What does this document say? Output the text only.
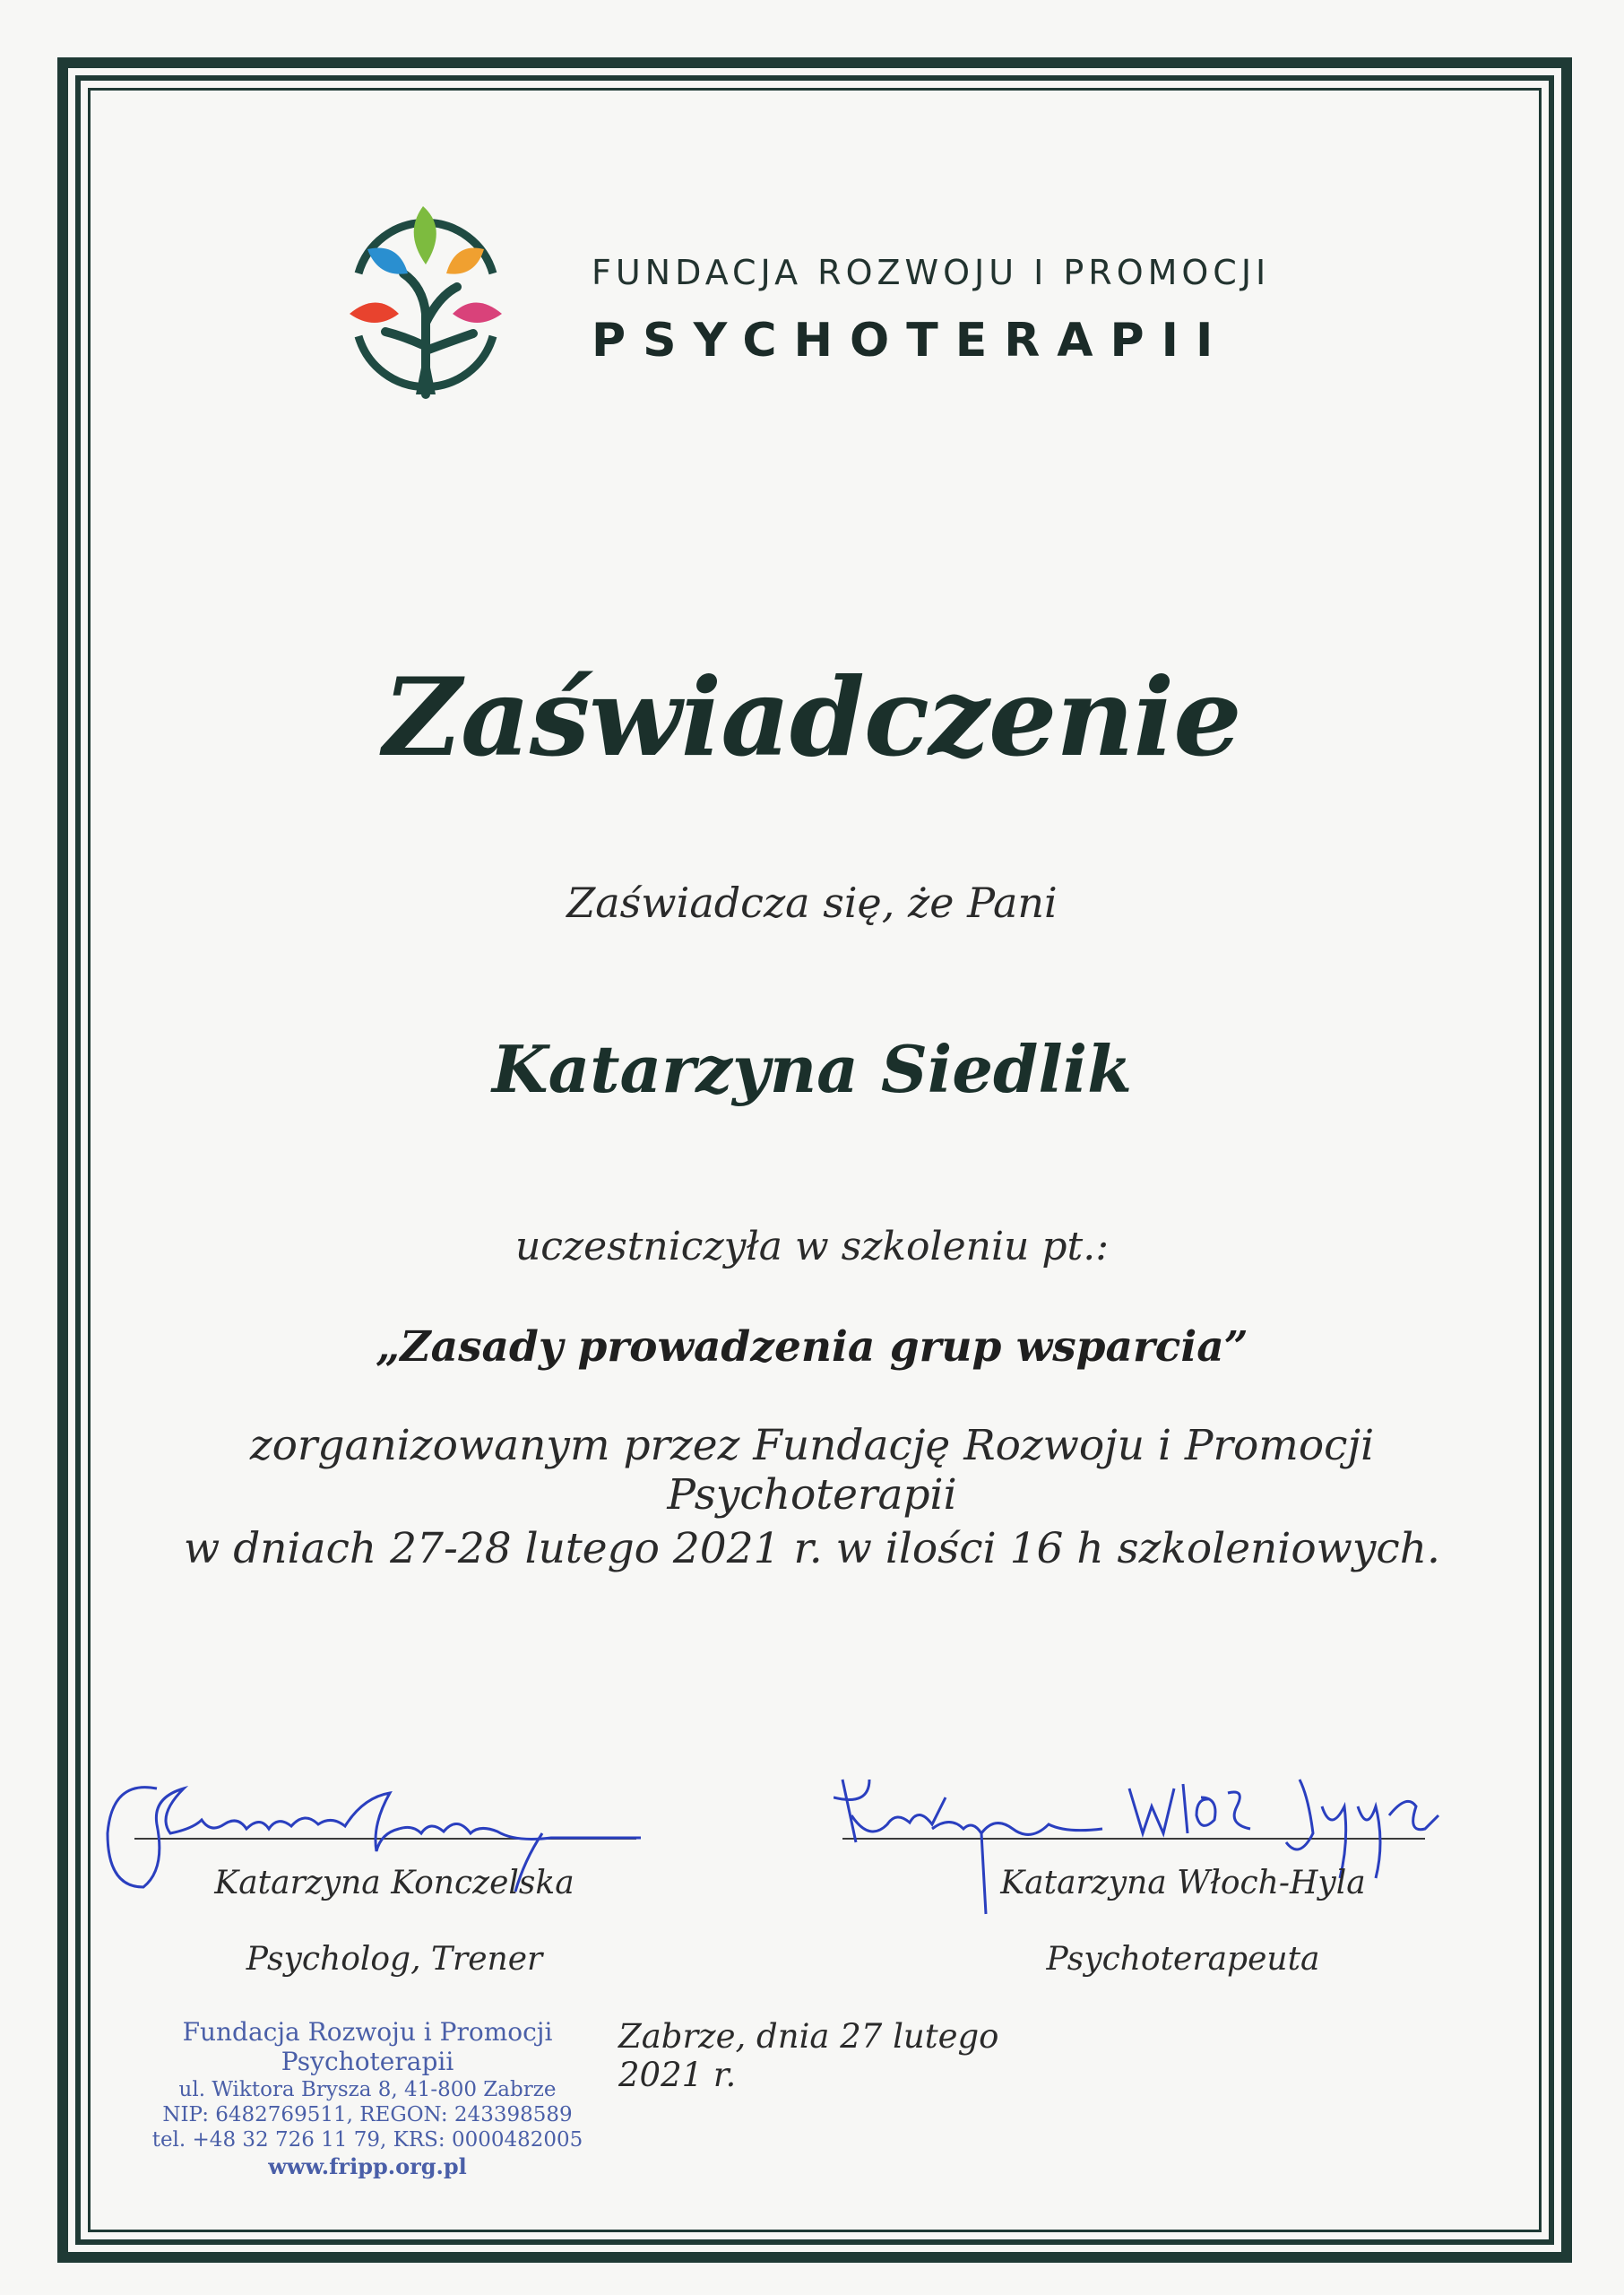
FUNDACJA ROZWOJU I PROMOCJI
PSYCHOTERAPII
Zaświadczenie
Zaświadcza się, że Pani
Katarzyna Siedlik
uczestniczyła w szkoleniu pt.:
„Zasady prowadzenia grup wsparcia”
zorganizowanym przez Fundację Rozwoju i Promocji Psychoterapii
w dniach 27-28 lutego 2021 r. w ilości 16 h szkoleniowych.
Katarzyna Konczelska
Psycholog, Trener
Katarzyna Włoch-Hyla
Psychoterapeuta
Fundacja Rozwoju i Promocji Psychoterapii
ul. Wiktora Brysza 8, 41-800 Zabrze
NIP: 6482769511, REGON: 243398589
tel. +48 32 726 11 79, KRS: 0000482005
www.fripp.org.pl
Zabrze, dnia 27 lutego 2021 r.
